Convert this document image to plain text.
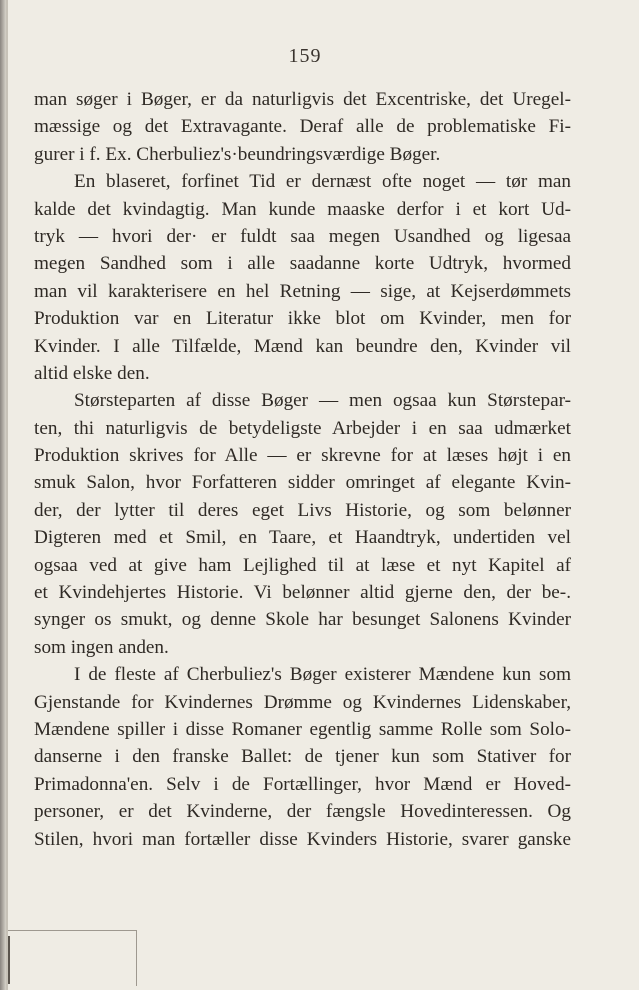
159
man søger i Bøger, er da naturligvis det Excentriske, det Uregel-
mæssige og det Extravagante. Deraf alle de problematiske Fi-
gurer i f. Ex. Cherbuliez's·beundringsværdige Bøger.
En blaseret, forfinet Tid er dernæst ofte noget — tør man
kalde det kvindagtig. Man kunde maaske derfor i et kort Ud-
tryk — hvori der· er fuldt saa megen Usandhed og ligesaa
megen Sandhed som i alle saadanne korte Udtryk, hvormed
man vil karakterisere en hel Retning — sige, at Kejserdømmets
Produktion var en Literatur ikke blot om Kvinder, men for
Kvinder. I alle Tilfælde, Mænd kan beundre den, Kvinder vil
altid elske den.
Størsteparten af disse Bøger — men ogsaa kun Størstepar-
ten, thi naturligvis de betydeligste Arbejder i en saa udmærket
Produktion skrives for Alle — er skrevne for at læses højt i en
smuk Salon, hvor Forfatteren sidder omringet af elegante Kvin-
der, der lytter til deres eget Livs Historie, og som belønner
Digteren med et Smil, en Taare, et Haandtryk, undertiden vel
ogsaa ved at give ham Lejlighed til at læse et nyt Kapitel af
et Kvindehjertes Historie. Vi belønner altid gjerne den, der be-.
synger os smukt, og denne Skole har besunget Salonens Kvinder
som ingen anden.
I de fleste af Cherbuliez's Bøger existerer Mændene kun som
Gjenstande for Kvindernes Drømme og Kvindernes Lidenskaber,
Mændene spiller i disse Romaner egentlig samme Rolle som Solo-
danserne i den franske Ballet: de tjener kun som Stativer for
Primadonna'en. Selv i de Fortællinger, hvor Mænd er Hoved-
personer, er det Kvinderne, der fængsle Hovedinteressen. Og
Stilen, hvori man fortæller disse Kvinders Historie, svarer ganske
